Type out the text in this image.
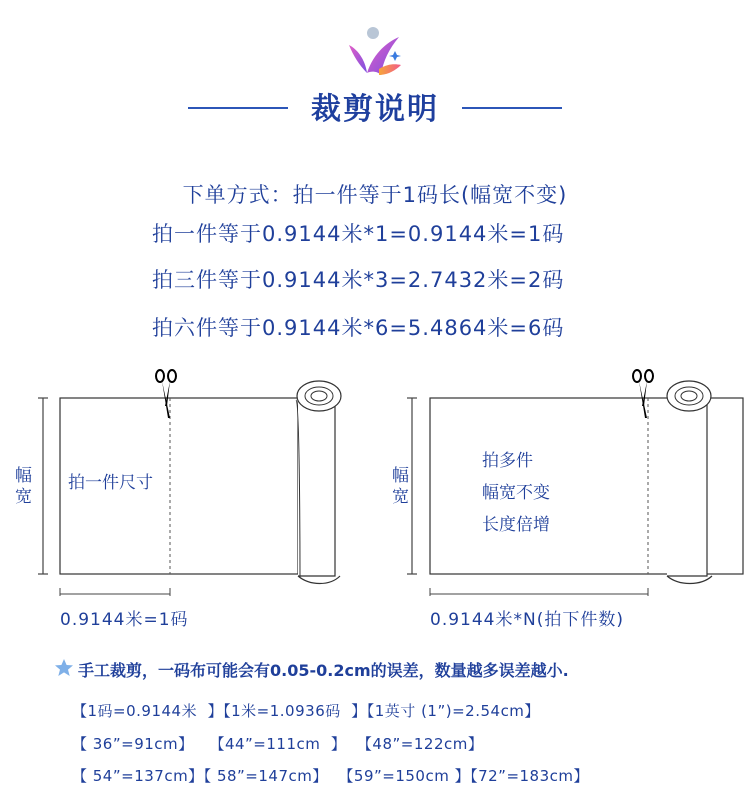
裁剪说明
下单方式：拍一件等于1码长(幅宽不变)
拍一件等于0.9144米*1=0.9144米=1码
拍三件等于0.9144米*3=2.7432米=2码
拍六件等于0.9144米*6=5.4864米=6码
幅宽 拍一件尺寸
0.9144米=1码
幅宽
拍多件
幅宽不变
长度倍增
0.9144米*N(拍下件数)
手工裁剪，一码布可能会有0.05-0.2cm的误差，数量越多误差越小.
【1码=0.9144米  】【1米=1.0936码  】【1英寸 (1”)=2.54cm】
【 36”=91cm】   【44”=111cm  】  【48”=122cm】
【 54”=137cm】【 58”=147cm】  【59”=150cm 】【72”=183cm】
